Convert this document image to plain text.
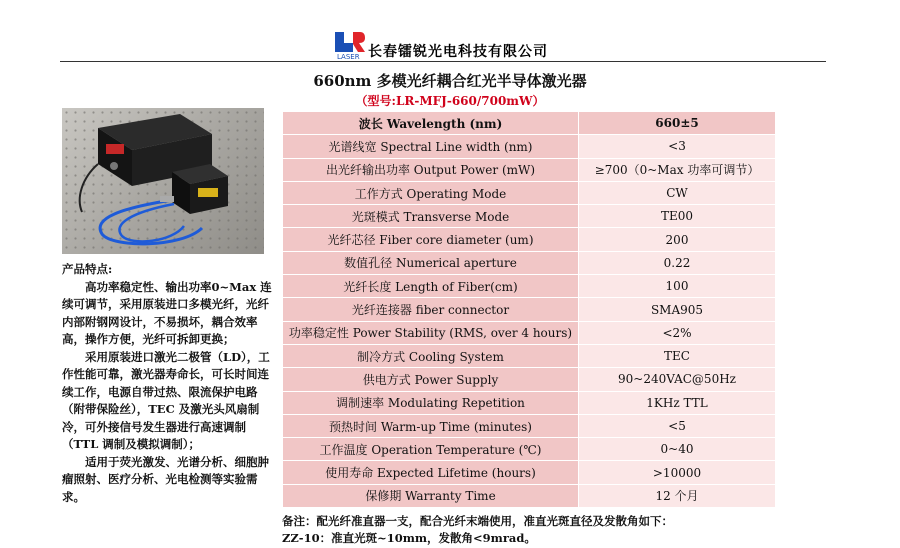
LASER 长春镭锐光电科技有限公司
660nm 多模光纤耦合红光半导体激光器
（型号:LR-MFJ-660/700mW）
产品特点:

高功率稳定性、输出功率0~Max 连续可调节，采用原装进口多模光纤，光纤内部附钢网设计，不易损坏，耦合效率高，操作方便，光纤可拆卸更换；

采用原装进口激光二极管（LD），工作性能可靠，激光器寿命长，可长时间连续工作，电源自带过热、限流保护电路（附带保险丝），TEC 及激光头风扇制冷，可外接信号发生器进行高速调制（TTL 调制及模拟调制）；

适用于荧光激发、光谱分析、细胞肿瘤照射、医疗分析、光电检测等实验需求。

波长 Wavelength (nm)	660±5
光谱线宽 Spectral Line width (nm)	<3
出光纤输出功率 Output Power (mW)	≥700（0~Max 功率可调节）
工作方式 Operating Mode	CW
光斑模式 Transverse Mode	TE00
光纤芯径 Fiber core diameter (um)	200
数值孔径 Numerical aperture	0.22
光纤长度 Length of Fiber(cm)	100
光纤连接器 fiber connector	SMA905
功率稳定性 Power Stability (RMS, over 4 hours)	<2%
制冷方式 Cooling System	TEC
供电方式 Power Supply	90~240VAC@50Hz
调制速率 Modulating Repetition	1KHz TTL
预热时间 Warm-up Time (minutes)	<5
工作温度 Operation Temperature (℃)	0~40
使用寿命 Expected Lifetime (hours)	>10000
保修期 Warranty Time	12 个月
备注：配光纤准直器一支，配合光纤末端使用，准直光斑直径及发散角如下：
ZZ-10：准直光斑~10mm，发散角<9mrad。
